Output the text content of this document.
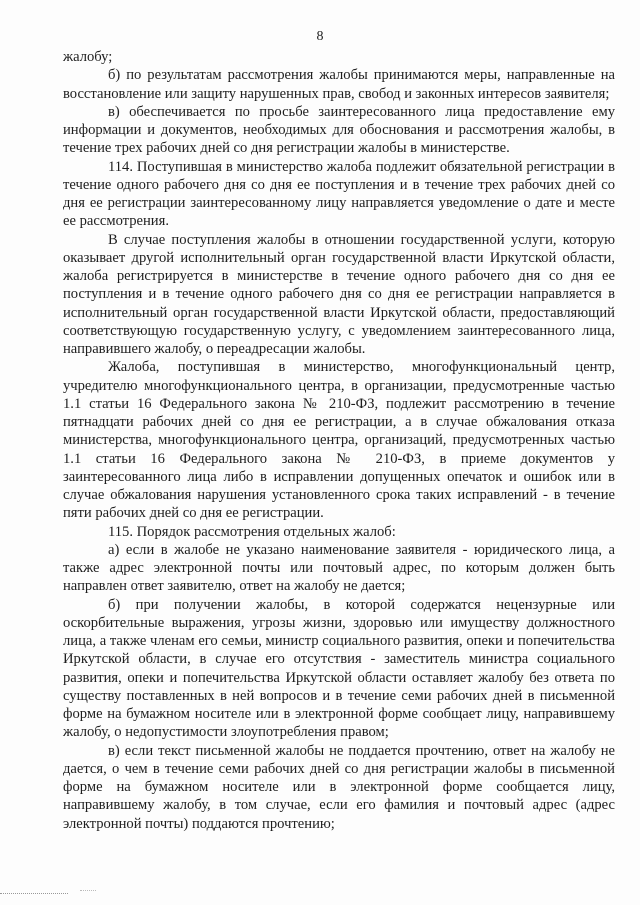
8

жалобу;

б) по результатам рассмотрения жалобы принимаются меры, направленные на восстановление или защиту нарушенных прав, свобод и законных интересов заявителя;

в) обеспечивается по просьбе заинтересованного лица предоставление ему информации и документов, необходимых для обоснования и рассмотрения жалобы, в течение трех рабочих дней со дня регистрации жалобы в министерстве.

114. Поступившая в министерство жалоба подлежит обязательной регистрации в течение одного рабочего дня со дня ее поступления и в течение трех рабочих дней со дня ее регистрации заинтересованному лицу направляется уведомление о дате и месте ее рассмотрения.

В случае поступления жалобы в отношении государственной услуги, которую оказывает другой исполнительный орган государственной власти Иркутской области, жалоба регистрируется в министерстве в течение одного рабочего дня со дня ее поступления и в течение одного рабочего дня со дня ее регистрации направляется в исполнительный орган государственной власти Иркутской области, предоставляющий соответствующую государственную услугу, с уведомлением заинтересованного лица, направившего жалобу, о переадресации жалобы.

Жалоба, поступившая в министерство, многофункциональный центр, учредителю многофункционального центра, в организации, предусмотренные частью 1.1 статьи 16 Федерального закона № 210-ФЗ, подлежит рассмотрению в течение пятнадцати рабочих дней со дня ее регистрации, а в случае обжалования отказа министерства, многофункционального центра, организаций, предусмотренных частью 1.1 статьи 16 Федерального закона № 210-ФЗ, в приеме документов у заинтересованного лица либо в исправлении допущенных опечаток и ошибок или в случае обжалования нарушения установленного срока таких исправлений - в течение пяти рабочих дней со дня ее регистрации.

115. Порядок рассмотрения отдельных жалоб:

а) если в жалобе не указано наименование заявителя - юридического лица, а также адрес электронной почты или почтовый адрес, по которым должен быть направлен ответ заявителю, ответ на жалобу не дается;

б) при получении жалобы, в которой содержатся нецензурные или оскорбительные выражения, угрозы жизни, здоровью или имуществу должностного лица, а также членам его семьи, министр социального развития, опеки и попечительства Иркутской области, в случае его отсутствия - заместитель министра социального развития, опеки и попечительства Иркутской области оставляет жалобу без ответа по существу поставленных в ней вопросов и в течение семи рабочих дней в письменной форме на бумажном носителе или в электронной форме сообщает лицу, направившему жалобу, о недопустимости злоупотребления правом;

в) если текст письменной жалобы не поддается прочтению, ответ на жалобу не дается, о чем в течение семи рабочих дней со дня регистрации жалобы в письменной форме на бумажном носителе или в электронной форме сообщается лицу, направившему жалобу, в том случае, если его фамилия и почтовый адрес (адрес электронной почты) поддаются прочтению;
